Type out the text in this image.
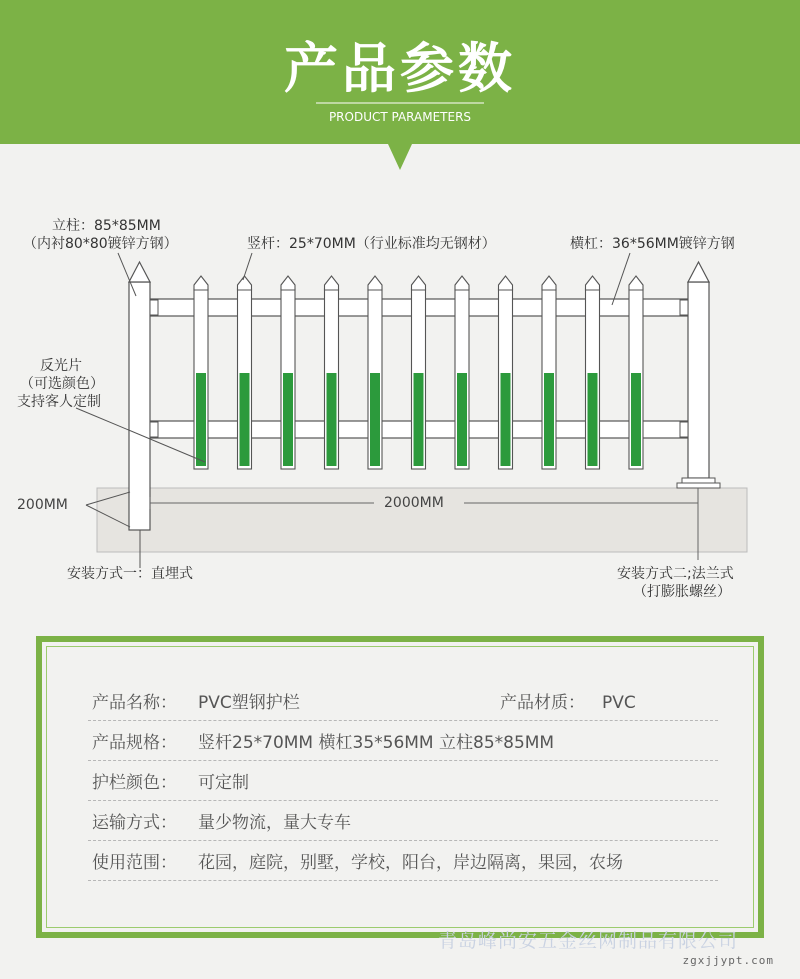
产品参数
PRODUCT PARAMETERS
立柱：85*85MM
（内衬80*80镀锌方钢）	竖杆：25*70MM（行业标准均无钢材）	横杠：36*56MM镀锌方钢
反光片
（可选颜色）
支持客人定制
200MM	2000MM
安装方式一：直埋式	安装方式二;法兰式
（打膨胀螺丝）
产品名称： PVC塑钢护栏	产品材质： PVC
产品规格： 竖杆25*70MM 横杠35*56MM 立柱85*85MM
护栏颜色： 可定制
运输方式： 量少物流，量大专车
使用范围： 花园，庭院，别墅，学校，阳台，岸边隔离，果园，农场
青岛峰尚安五金丝网制品有限公司
zgxjjypt.com
